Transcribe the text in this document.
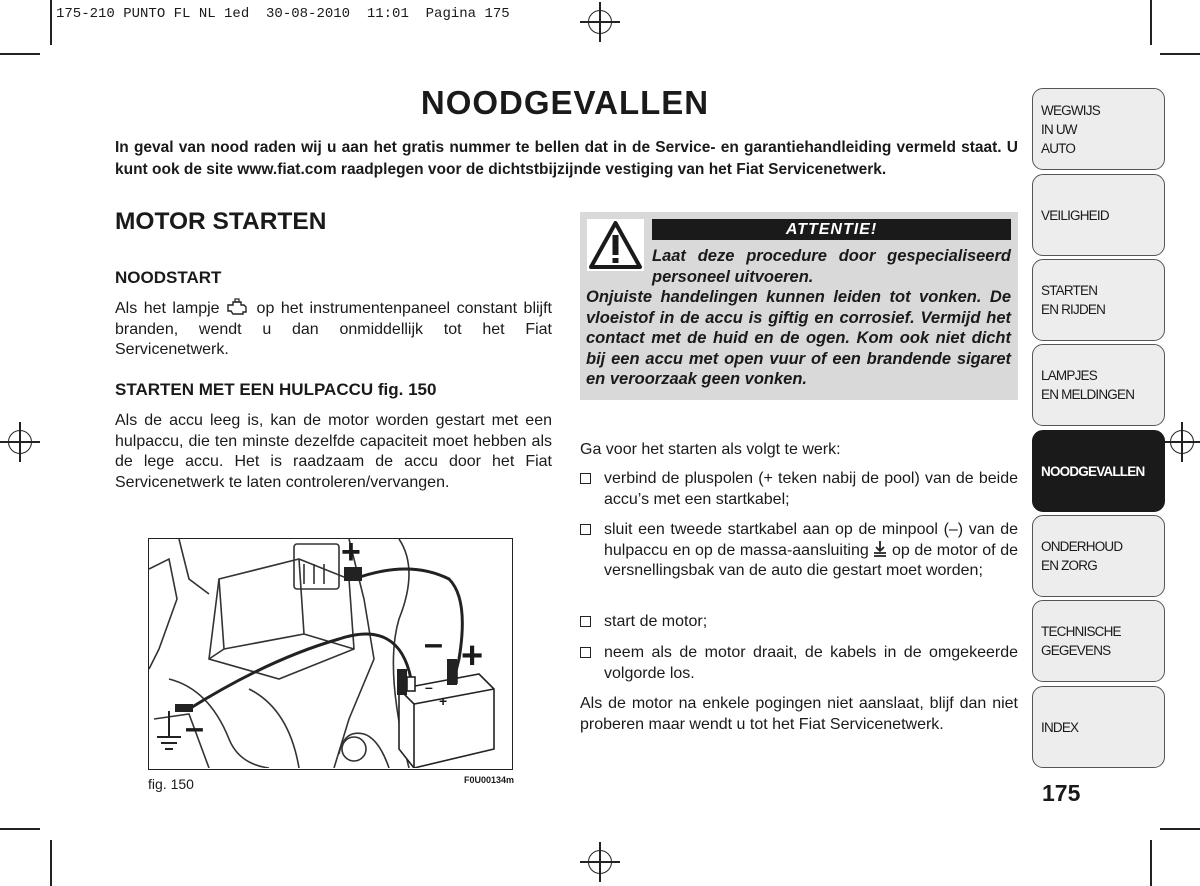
175-210 PUNTO FL NL 1ed  30-08-2010  11:01  Pagina 175
NOODGEVALLEN
In geval van nood raden wij u aan het gratis nummer te bellen dat in de Service- en garantiehandleiding vermeld staat. U kunt ook de site www.fiat.com raadplegen voor de dichtstbijzijnde vestiging van het Fiat Servicenetwerk.
MOTOR STARTEN
NOODSTART
Als het lampje op het instrumentenpaneel constant blijft branden, wendt u dan onmiddellijk tot het Fiat Servicenetwerk.
STARTEN MET EEN HULPACCU fig. 150
Als de accu leeg is, kan de motor worden gestart met een hulpaccu, die ten minste dezelfde capaciteit moet hebben als de lege accu. Het is raadzaam de accu door het Fiat Servicenetwerk te laten controleren/vervangen.
+
– +
–
–
+
fig. 150	F0U00134m
ATTENTIE!
Laat deze procedure door gespecialiseerd personeel uitvoeren.
Onjuiste handelingen kunnen leiden tot vonken. De vloeistof in de accu is giftig en corrosief. Vermijd het contact met de huid en de ogen. Kom ook niet dicht bij een accu met open vuur of een brandende sigaret en veroorzaak geen vonken.
Ga voor het starten als volgt te werk:
verbind de pluspolen (+ teken nabij de pool) van de beide accu’s met een startkabel;
sluit een tweede startkabel aan op de minpool (–) van de hulpaccu en op de massa-aansluiting op de motor of de versnellingsbak van de auto die gestart moet worden;
start de motor;
neem als de motor draait, de kabels in de omgekeerde volgorde los.
Als de motor na enkele pogingen niet aanslaat, blijf dan niet proberen maar wendt u tot het Fiat Servicenetwerk.
WEGWIJS
IN UW
AUTO
VEILIGHEID
STARTEN
EN RIJDEN
LAMPJES
EN MELDINGEN
NOODGEVALLEN
ONDERHOUD
EN ZORG
TECHNISCHE
GEGEVENS
INDEX
175
